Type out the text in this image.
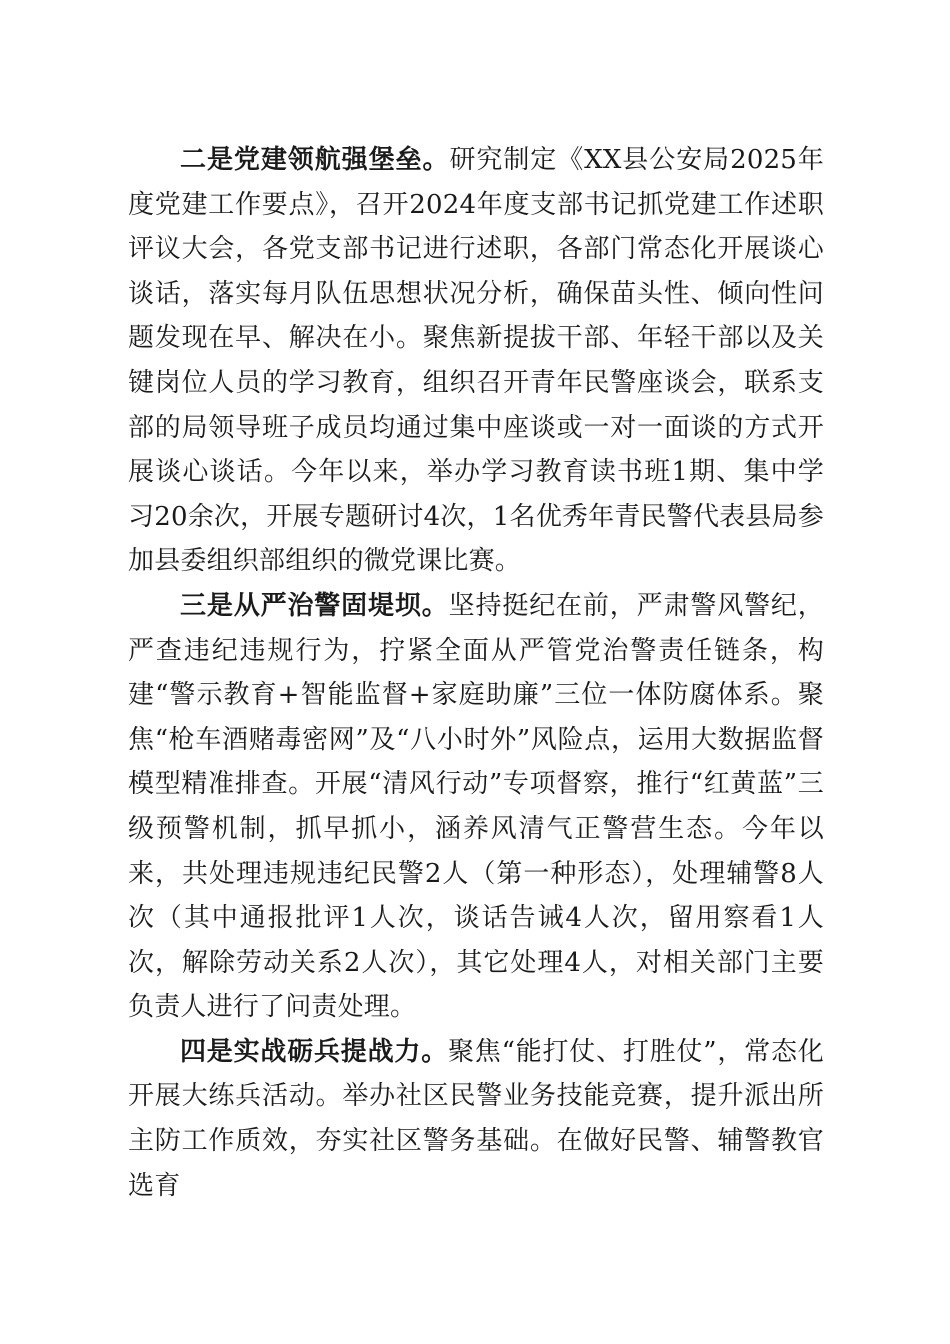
二是党建领航强堡垒。研究制定《XX县公安局2025年度党建工作要点》，召开2024年度支部书记抓党建工作述职评议大会，各党支部书记进行述职，各部门常态化开展谈心谈话，落实每月队伍思想状况分析，确保苗头性、倾向性问题发现在早、解决在小。聚焦新提拔干部、年轻干部以及关键岗位人员的学习教育，组织召开青年民警座谈会，联系支部的局领导班子成员均通过集中座谈或一对一面谈的方式开展谈心谈话。今年以来，举办学习教育读书班1期、集中学习20余次，开展专题研讨4次，1名优秀年青民警代表县局参加县委组织部组织的微党课比赛。

三是从严治警固堤坝。坚持挺纪在前，严肃警风警纪，严查违纪违规行为，拧紧全面从严管党治警责任链条，构建“警示教育+智能监督+家庭助廉”三位一体防腐体系。聚焦“枪车酒赌毒密网”及“八小时外”风险点，运用大数据监督模型精准排查。开展“清风行动”专项督察，推行“红黄蓝”三级预警机制，抓早抓小，涵养风清气正警营生态。今年以来，共处理违规违纪民警2人（第一种形态），处理辅警8人次（其中通报批评1人次，谈话告诫4人次，留用察看1人次，解除劳动关系2人次），其它处理4人，对相关部门主要负责人进行了问责处理。

四是实战砺兵提战力。聚焦“能打仗、打胜仗”，常态化开展大练兵活动。举办社区民警业务技能竞赛，提升派出所主防工作质效，夯实社区警务基础。在做好民警、辅警教官选育
